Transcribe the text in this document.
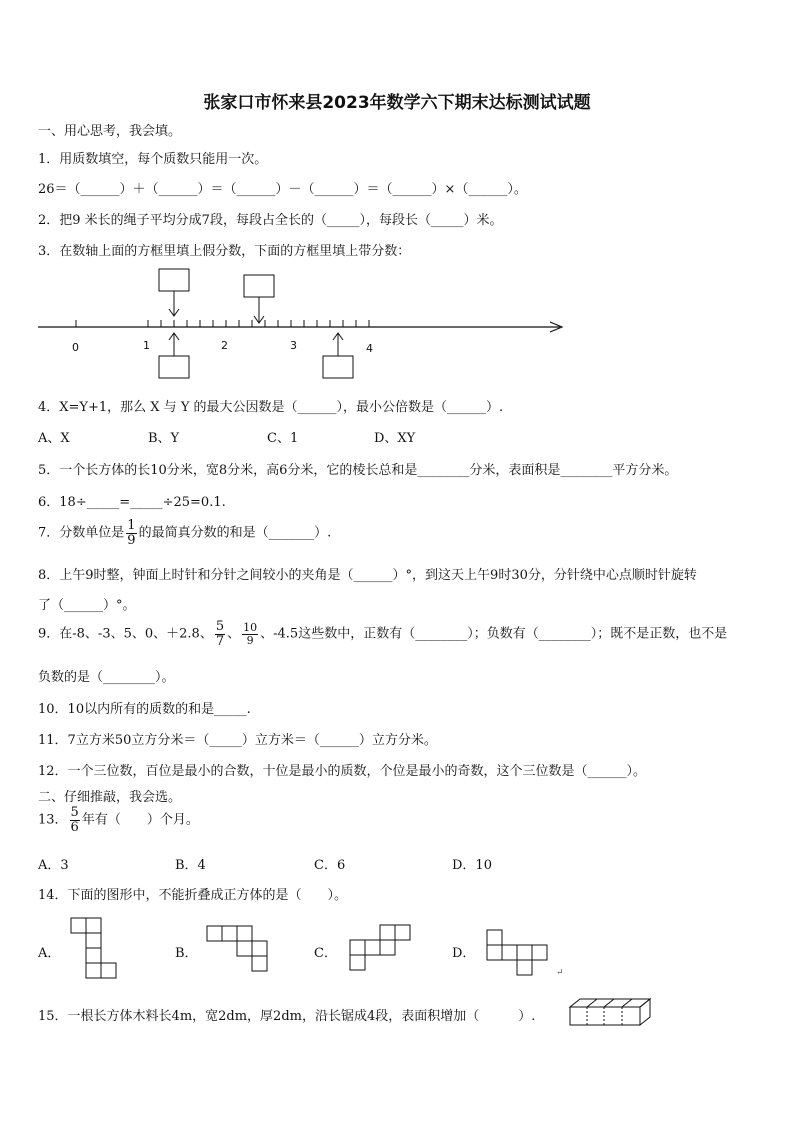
张家口市怀来县2023年数学六下期末达标测试试题
一、用心思考，我会填。
1．用质数填空，每个质数只能用一次。
26＝（______）＋（______）＝（______）－（______）＝（______）×（______）。
2．把9 米长的绳子平均分成7段，每段占全长的（_____），每段长（_____）米。
3．在数轴上面的方框里填上假分数，下面的方框里填上带分数：
0	1	2	3	4
4．X=Y+1，那么 X 与 Y 的最大公因数是（______），最小公倍数是（______）.
A、X	B、Y	C、1	D、XY
5．一个长方体的长10分米，宽8分米，高6分米，它的棱长总和是________分米，表面积是________平方分米。
6．18÷_____=_____÷25=0.1.
7．分数单位是 $\frac{1}{9}$ 的最简真分数的和是（_______）.
8．上午9时整，钟面上时针和分针之间较小的夹角是（______）°，到这天上午9时30分，分针绕中心点顺时针旋转
了（______）°。
9．在-8、-3、5、0、＋2.8、 $\frac{5}{7}$ 、 $\frac{10}{9}$ 、-4.5这些数中，正数有（________）；负数有（________）；既不是正数，也不是
负数的是（________）。
10．10以内所有的质数的和是_____.
11．7立方米50立方分米＝（_____）立方米＝（______）立方分米。
12．一个三位数，百位是最小的合数，十位是最小的质数，个位是最小的奇数，这个三位数是（______）。
二、仔细推敲，我会选。
13． $\frac{5}{6}$ 年有（　　）个月。
A．3	B．4	C．6	D．10
14．下面的图形中，不能折叠成正方体的是（　　）。
A．	B．	C．	D．
↵
15．一根长方体木料长4m，宽2dm，厚2dm，沿长锯成4段，表面积增加（　　　）.
